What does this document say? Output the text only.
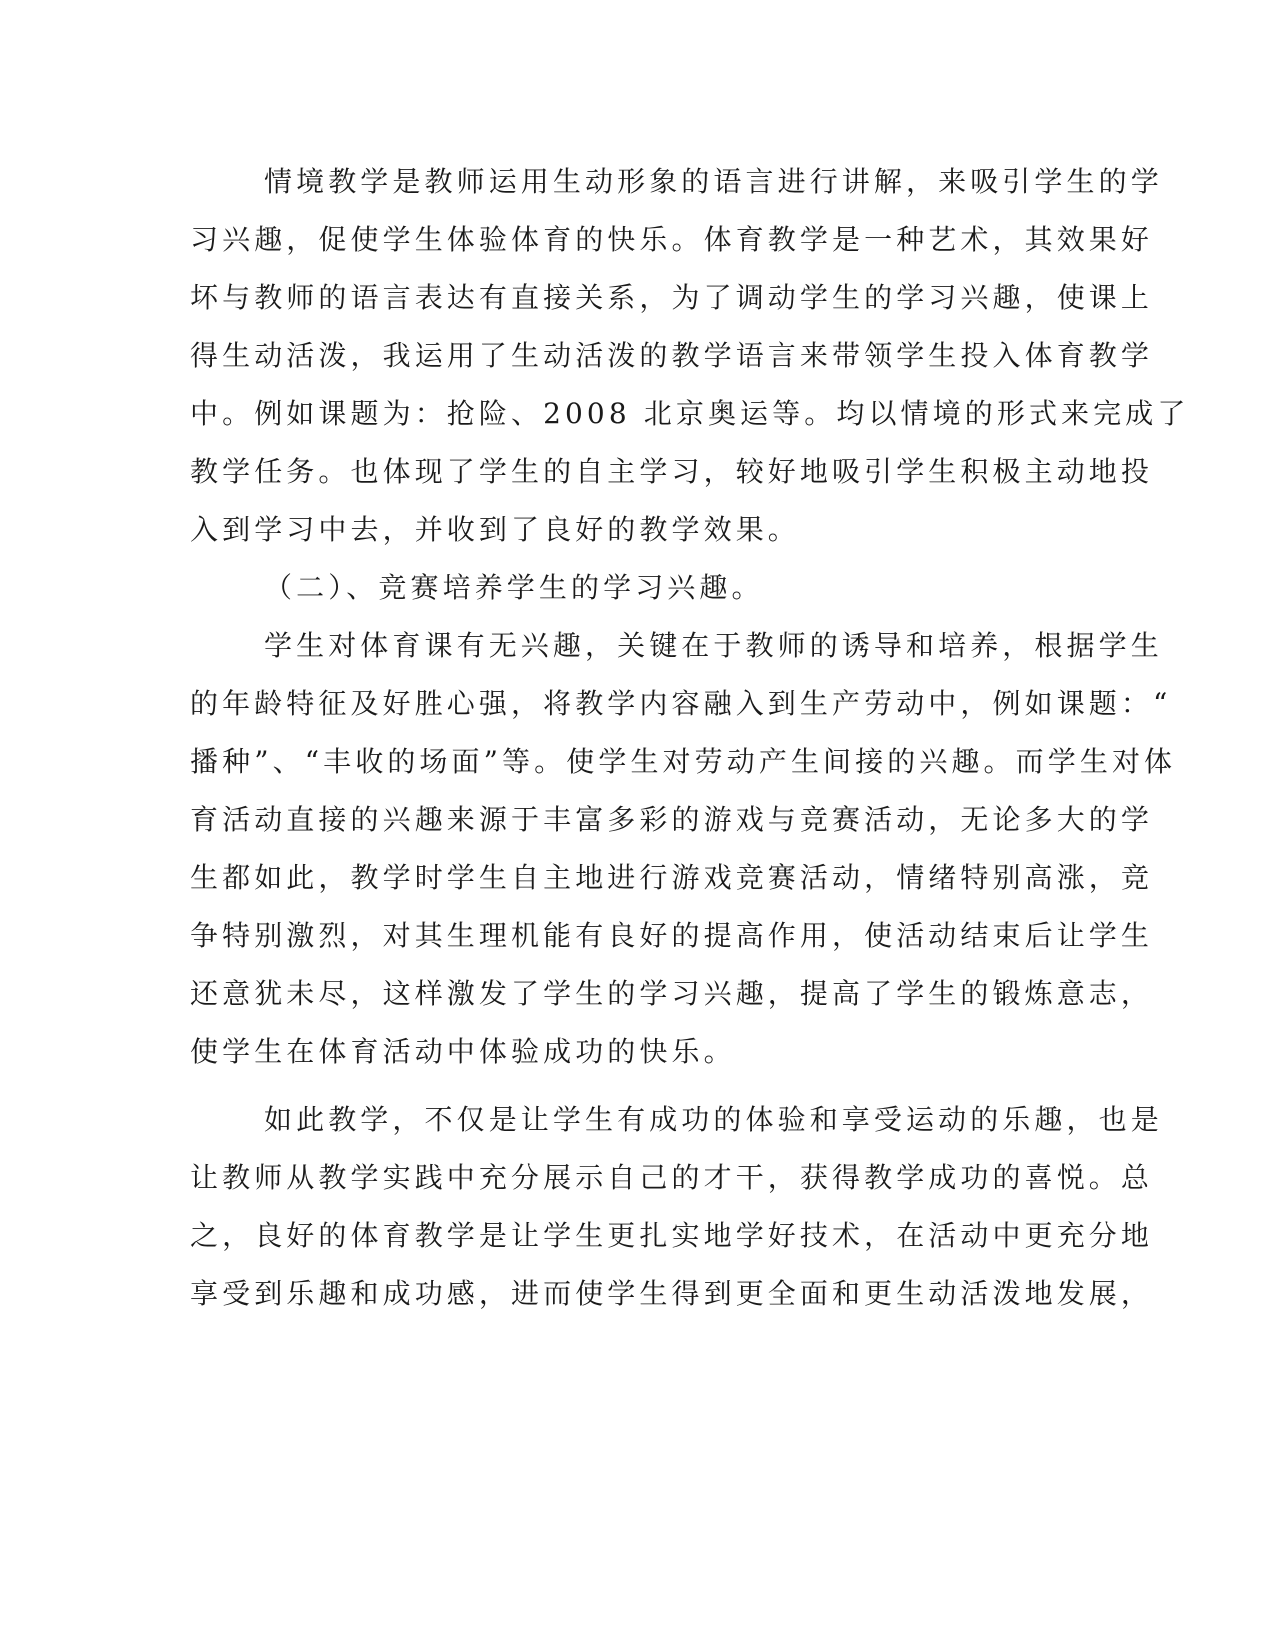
情境教学是教师运用生动形象的语言进行讲解，来吸引学生的学
习兴趣，促使学生体验体育的快乐。体育教学是一种艺术，其效果好
坏与教师的语言表达有直接关系，为了调动学生的学习兴趣，使课上
得生动活泼，我运用了生动活泼的教学语言来带领学生投入体育教学
中。例如课题为：抢险、2008 北京奥运等。均以情境的形式来完成了
教学任务。也体现了学生的自主学习，较好地吸引学生积极主动地投
入到学习中去，并收到了良好的教学效果。
（二）、竞赛培养学生的学习兴趣。
学生对体育课有无兴趣，关键在于教师的诱导和培养，根据学生
的年龄特征及好胜心强，将教学内容融入到生产劳动中，例如课题：“
播种”、“丰收的场面”等。使学生对劳动产生间接的兴趣。而学生对体
育活动直接的兴趣来源于丰富多彩的游戏与竞赛活动，无论多大的学
生都如此，教学时学生自主地进行游戏竞赛活动，情绪特别高涨，竞
争特别激烈，对其生理机能有良好的提高作用，使活动结束后让学生
还意犹未尽，这样激发了学生的学习兴趣，提高了学生的锻炼意志，
使学生在体育活动中体验成功的快乐。
如此教学，不仅是让学生有成功的体验和享受运动的乐趣，也是
让教师从教学实践中充分展示自己的才干，获得教学成功的喜悦。总
之，良好的体育教学是让学生更扎实地学好技术，在活动中更充分地
享受到乐趣和成功感，进而使学生得到更全面和更生动活泼地发展，
